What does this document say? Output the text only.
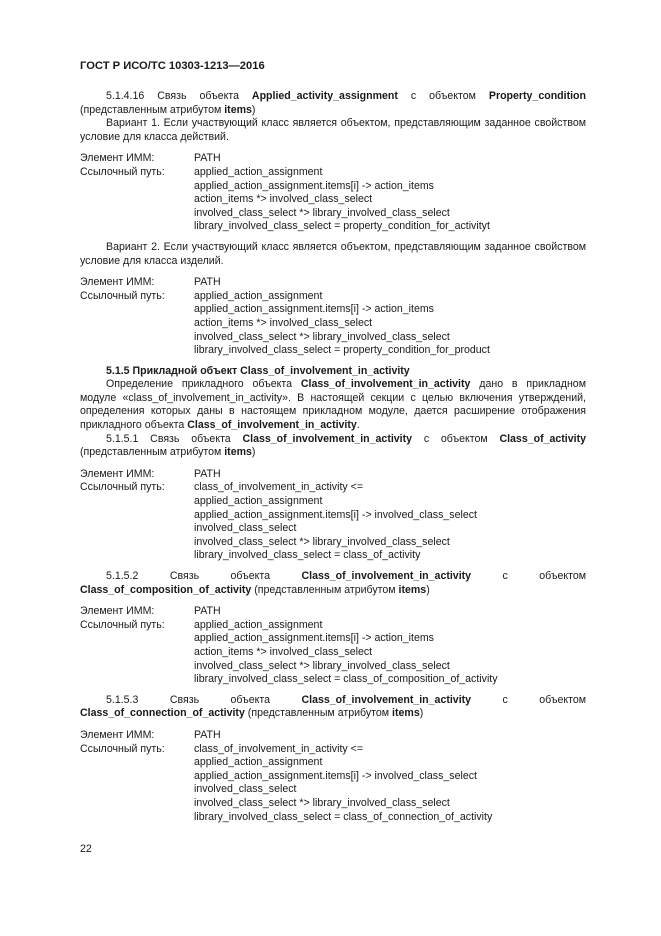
ГОСТ Р ИСО/ТС 10303-1213—2016

5.1.4.16 Связь объекта Applied_activity_assignment с объектом Property_condition (представленным атрибутом items)

Вариант 1. Если участвующий класс является объектом, представляющим заданное свойством условие для класса действий.

Элемент ИММ:	PATH
Ссылочный путь:	applied_action_assignment
applied_action_assignment.items[i] -> action_items
action_items *> involved_class_select
involved_class_select *> library_involved_class_select
library_involved_class_select = property_condition_for_activityt

Вариант 2. Если участвующий класс является объектом, представляющим заданное свойством условие для класса изделий.

Элемент ИММ:	PATH
Ссылочный путь:	applied_action_assignment
applied_action_assignment.items[i] -> action_items
action_items *> involved_class_select
involved_class_select *> library_involved_class_select
library_involved_class_select = property_condition_for_product

5.1.5 Прикладной объект Class_of_involvement_in_activity

Определение прикладного объекта Class_of_involvement_in_activity дано в прикладном модуле «class_of_involvement_in_activity». В настоящей секции с целью включения утверждений, определения которых даны в настоящем прикладном модуле, дается расширение отображения прикладного объекта Class_of_involvement_in_activity.

5.1.5.1 Связь объекта Class_of_involvement_in_activity с объектом Class_of_activity (представленным атрибутом items)

Элемент ИММ:	PATH
Ссылочный путь:	class_of_involvement_in_activity <=
applied_action_assignment
applied_action_assignment.items[i] -> involved_class_select
involved_class_select
involved_class_select *> library_involved_class_select
library_involved_class_select = class_of_activity

5.1.5.2 Связь объекта Class_of_involvement_in_activity с объектом Class_of_composition_of_activity (представленным атрибутом items)

Элемент ИММ:	PATH
Ссылочный путь:	applied_action_assignment
applied_action_assignment.items[i] -> action_items
action_items *> involved_class_select
involved_class_select *> library_involved_class_select
library_involved_class_select = class_of_composition_of_activity

5.1.5.3 Связь объекта Class_of_involvement_in_activity с объектом Class_of_connection_of_activity (представленным атрибутом items)

Элемент ИММ:	PATH
Ссылочный путь:	class_of_involvement_in_activity <=
applied_action_assignment
applied_action_assignment.items[i] -> involved_class_select
involved_class_select
involved_class_select *> library_involved_class_select
library_involved_class_select = class_of_connection_of_activity
22
